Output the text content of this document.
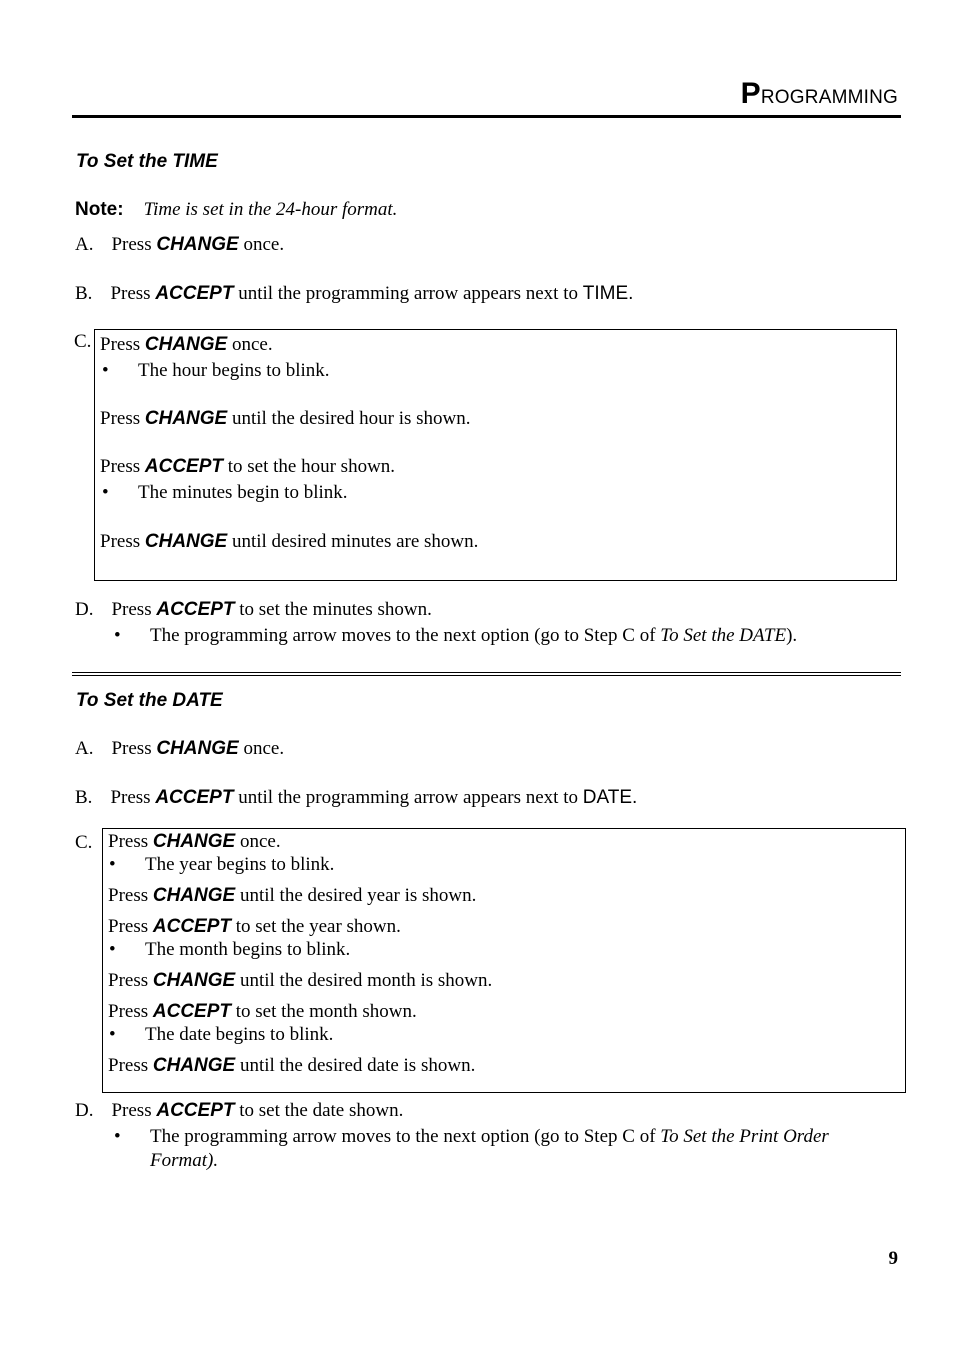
PROGRAMMING
To Set the TIME
Note: Time is set in the 24-hour format.
A. Press CHANGE once.
B. Press ACCEPT until the programming arrow appears next to TIME.
C. Press CHANGE once.
• The hour begins to blink.
Press CHANGE until the desired hour is shown.
Press ACCEPT to set the hour shown.
• The minutes begin to blink.
Press CHANGE until desired minutes are shown.
D. Press ACCEPT to set the minutes shown.
• The programming arrow moves to the next option (go to Step C of To Set the DATE).
To Set the DATE
A. Press CHANGE once.
B. Press ACCEPT until the programming arrow appears next to DATE.
C. Press CHANGE once.
• The year begins to blink.
Press CHANGE until the desired year is shown.
Press ACCEPT to set the year shown.
• The month begins to blink.
Press CHANGE until the desired month is shown.
Press ACCEPT to set the month shown.
• The date begins to blink.
Press CHANGE until the desired date is shown.
D. Press ACCEPT to set the date shown.
• The programming arrow moves to the next option (go to Step C of To Set the Print Order
Format).
9
